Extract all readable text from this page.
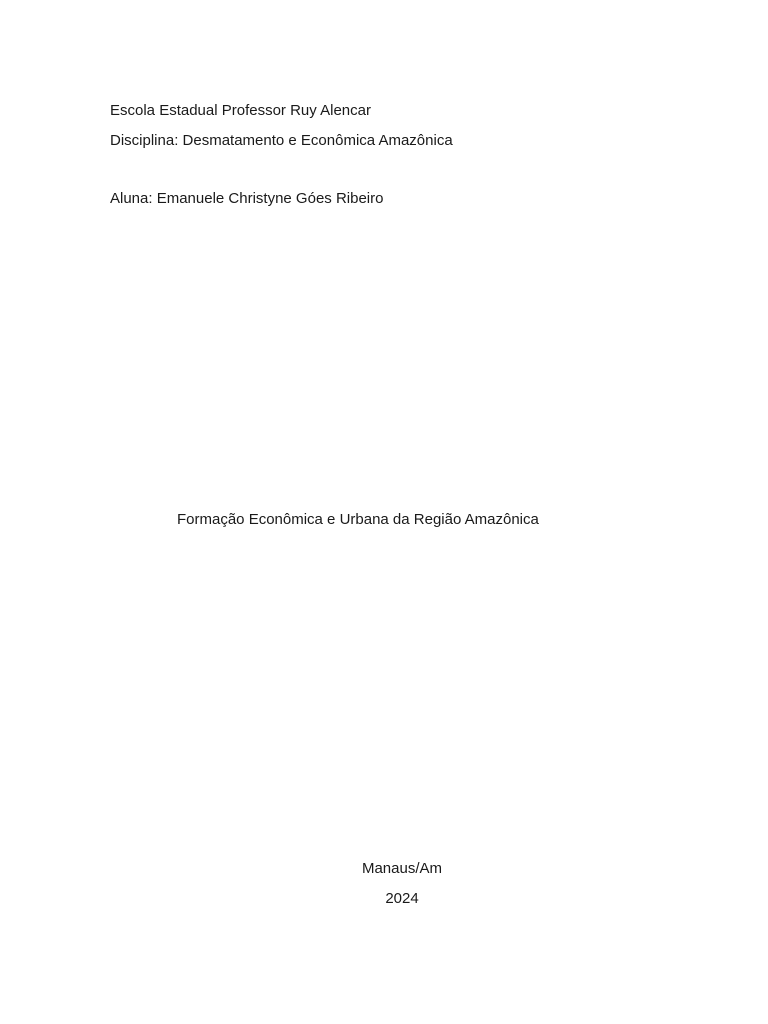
Escola Estadual Professor Ruy Alencar
Disciplina: Desmatamento e Econômica Amazônica
Aluna: Emanuele Christyne Góes Ribeiro
Formação Econômica e Urbana da Região Amazônica
Manaus/Am
2024
